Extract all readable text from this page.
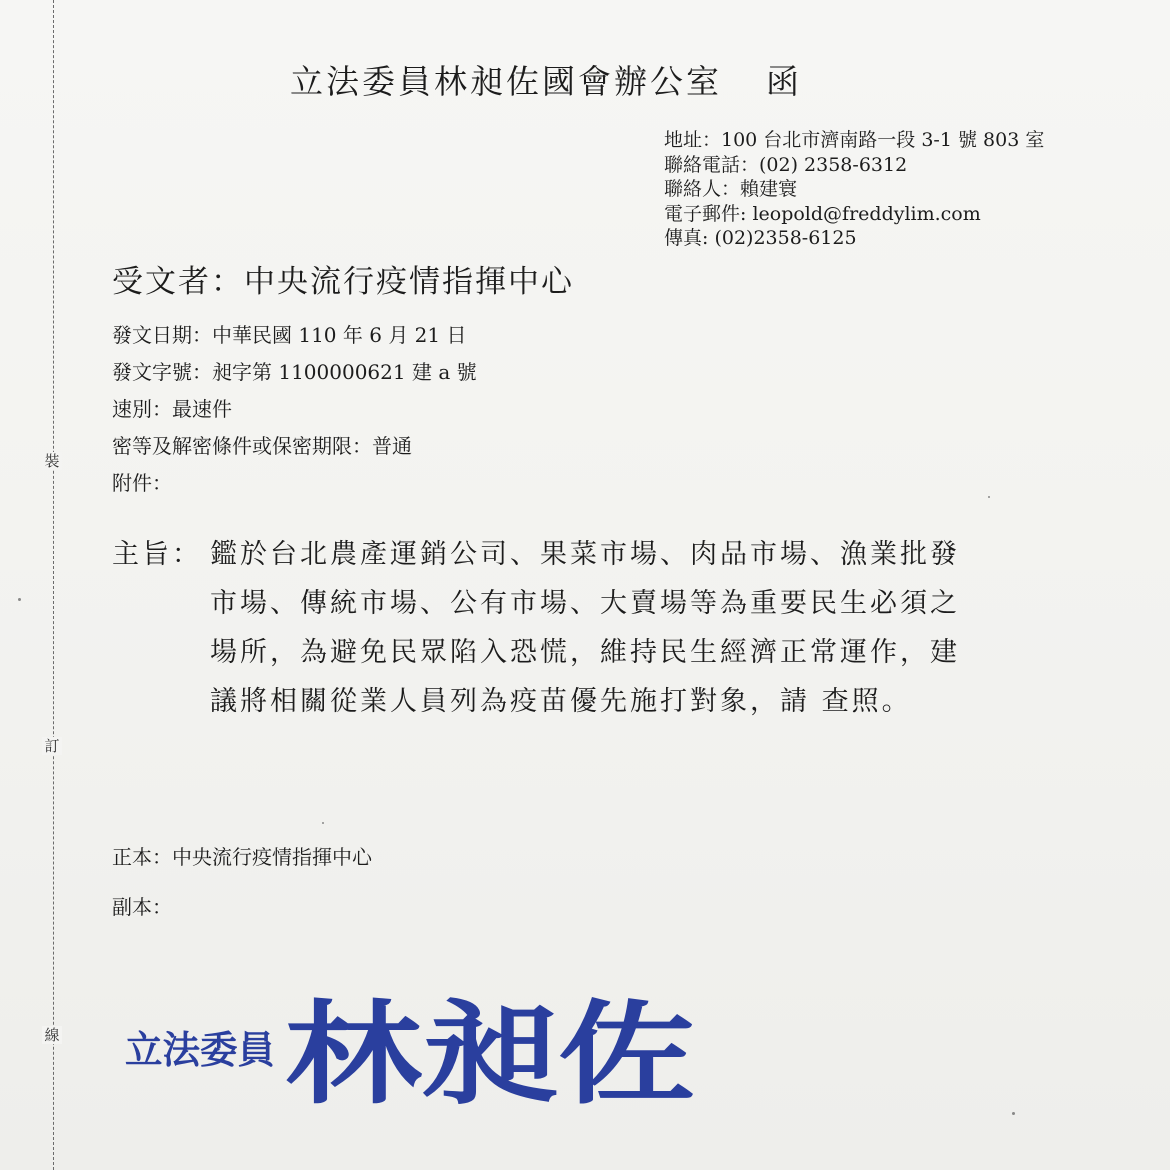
裝
訂
線
立法委員林昶佐國會辦公室 函
地址：100 台北市濟南路一段 3-1 號 803 室
聯絡電話：(02) 2358-6312
聯絡人：賴建寰
電子郵件: leopold@freddylim.com
傳真: (02)2358-6125
受文者：中央流行疫情指揮中心
發文日期：中華民國 110 年 6 月 21 日
發文字號：昶字第 1100000621 建 a 號
速別：最速件
密等及解密條件或保密期限：普通
附件：
主旨： 鑑於台北農產運銷公司、果菜市場、肉品市場、漁業批發
市場、傳統市場、公有市場、大賣場等為重要民生必須之
場所，為避免民眾陷入恐慌，維持民生經濟正常運作，建
議將相關從業人員列為疫苗優先施打對象，請 查照。
正本：中央流行疫情指揮中心
副本：
立法委員 林昶佐
